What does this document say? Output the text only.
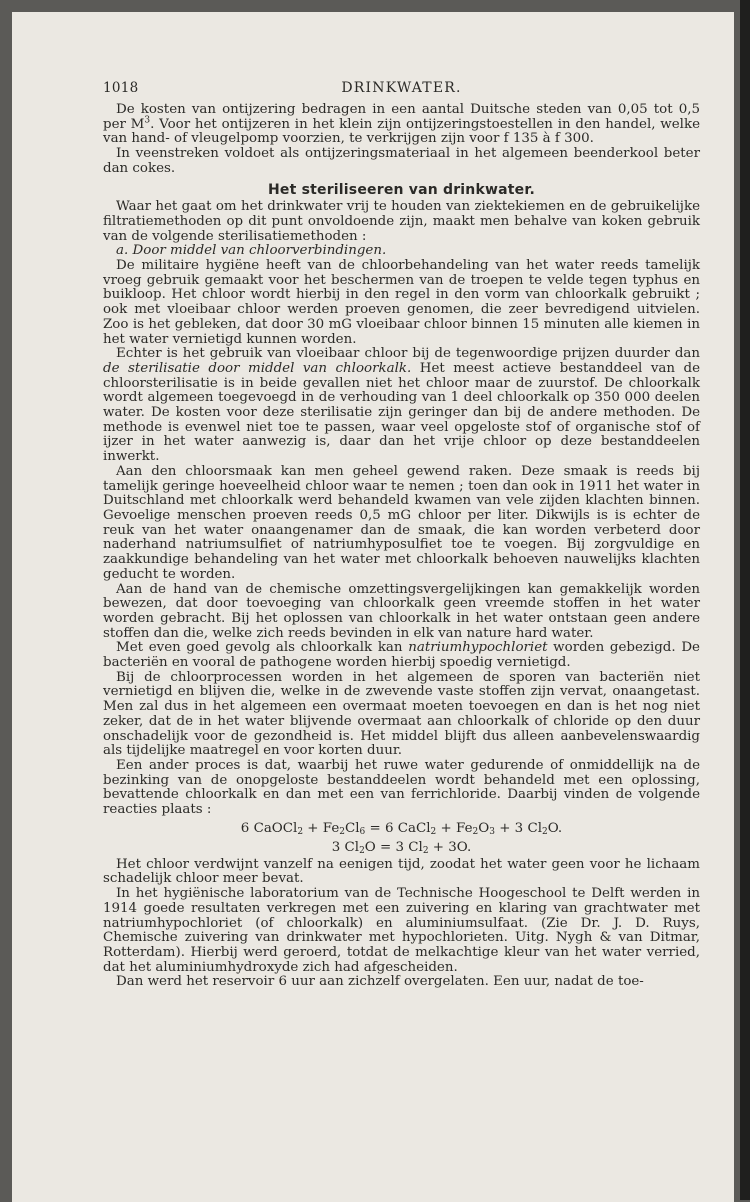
1018	DRINKWATER.

De kosten van ontijzering bedragen in een aantal Duitsche steden van 0,05 tot 0,5 per $M^3$. Voor het ontijzeren in het klein zijn ontijzeringstoestellen in den handel, welke van hand- of vleugelpomp voorzien, te verkrijgen zijn voor f 135 à f 300.

In veenstreken voldoet als ontijzeringsmateriaal in het algemeen beenderkool beter dan cokes.

Het steriliseeren van drinkwater.

Waar het gaat om het drinkwater vrij te houden van ziektekiemen en de gebruikelijke filtratiemethoden op dit punt onvoldoende zijn, maakt men behalve van koken gebruik van de volgende sterilisatiemethoden :

a. Door middel van chloorverbindingen.

De militaire hygiëne heeft van de chloorbehandeling van het water reeds tamelijk vroeg gebruik gemaakt voor het beschermen van de troepen te velde tegen typhus en buikloop. Het chloor wordt hierbij in den regel in den vorm van chloorkalk gebruikt ; ook met vloeibaar chloor werden proeven genomen, die zeer bevredigend uitvielen. Zoo is het gebleken, dat door 30 mG vloeibaar chloor binnen 15 minuten alle kiemen in het water vernietigd kunnen worden.

Echter is het gebruik van vloeibaar chloor bij de tegenwoordige prijzen duurder dan de sterilisatie door middel van chloorkalk. Het meest actieve bestanddeel van de chloorsterilisatie is in beide gevallen niet het chloor maar de zuurstof. De chloorkalk wordt algemeen toegevoegd in de verhouding van 1 deel chloorkalk op 350 000 deelen water. De kosten voor deze sterilisatie zijn geringer dan bij de andere methoden. De methode is evenwel niet toe te passen, waar veel opgeloste stof of organische stof of ijzer in het water aanwezig is, daar dan het vrije chloor op deze bestanddeelen inwerkt.

Aan den chloorsmaak kan men geheel gewend raken. Deze smaak is reeds bij tamelijk geringe hoeveelheid chloor waar te nemen ; toen dan ook in 1911 het water in Duitschland met chloorkalk werd behandeld kwamen van vele zijden klachten binnen. Gevoelige menschen proeven reeds 0,5 mG chloor per liter. Dikwijls is is echter de reuk van het water onaangenamer dan de smaak, die kan worden verbeterd door naderhand natriumsulfiet of natriumhyposulfiet toe te voegen. Bij zorgvuldige en zaakkundige behandeling van het water met chloorkalk behoeven nauwelijks klachten geducht te worden.

Aan de hand van de chemische omzettingsvergelijkingen kan gemakkelijk worden bewezen, dat door toevoeging van chloorkalk geen vreemde stoffen in het water worden gebracht. Bij het oplossen van chloorkalk in het water ontstaan geen andere stoffen dan die, welke zich reeds bevinden in elk van nature hard water.

Met even goed gevolg als chloorkalk kan natriumhypochloriet worden gebezigd. De bacteriën en vooral de pathogene worden hierbij spoedig vernietigd.

Bij de chloorprocessen worden in het algemeen de sporen van bacteriën niet vernietigd en blijven die, welke in de zwevende vaste stoffen zijn vervat, onaangetast. Men zal dus in het algemeen een overmaat moeten toevoegen en dan is het nog niet zeker, dat de in het water blijvende overmaat aan chloorkalk of chloride op den duur onschadelijk voor de gezondheid is. Het middel blijft dus alleen aanbevelenswaardig als tijdelijke maatregel en voor korten duur.

Een ander proces is dat, waarbij het ruwe water gedurende of onmiddellijk na de bezinking van de onopgeloste bestanddeelen wordt behandeld met een oplossing, bevattende chloorkalk en dan met een van ferrichloride. Daarbij vinden de volgende reacties plaats :

6 CaOCl$_2$ + $Fe_2Cl_6 = 6$ CaCl$_2$ + $Fe_2O_3 + 3$ $Cl_2O$.
3 $Cl_2O = 3$ $Cl_2 + 3O$.

Het chloor verdwijnt vanzelf na eenigen tijd, zoodat het water geen voor he lichaam schadelijk chloor meer bevat.

In het hygiënische laboratorium van de Technische Hoogeschool te Delft werden in 1914 goede resultaten verkregen met een zuivering en klaring van grachtwater met natriumhypochloriet (of chloorkalk) en aluminiumsulfaat. (Zie Dr. J. D. Ruys, Chemische zuivering van drinkwater met hypochlorieten. Uitg. Nygh & van Ditmar, Rotterdam). Hierbij werd geroerd, totdat de melkachtige kleur van het water verried, dat het aluminiumhydroxyde zich had afgescheiden.

Dan werd het reservoir 6 uur aan zichzelf overgelaten. Een uur, nadat de toe-
